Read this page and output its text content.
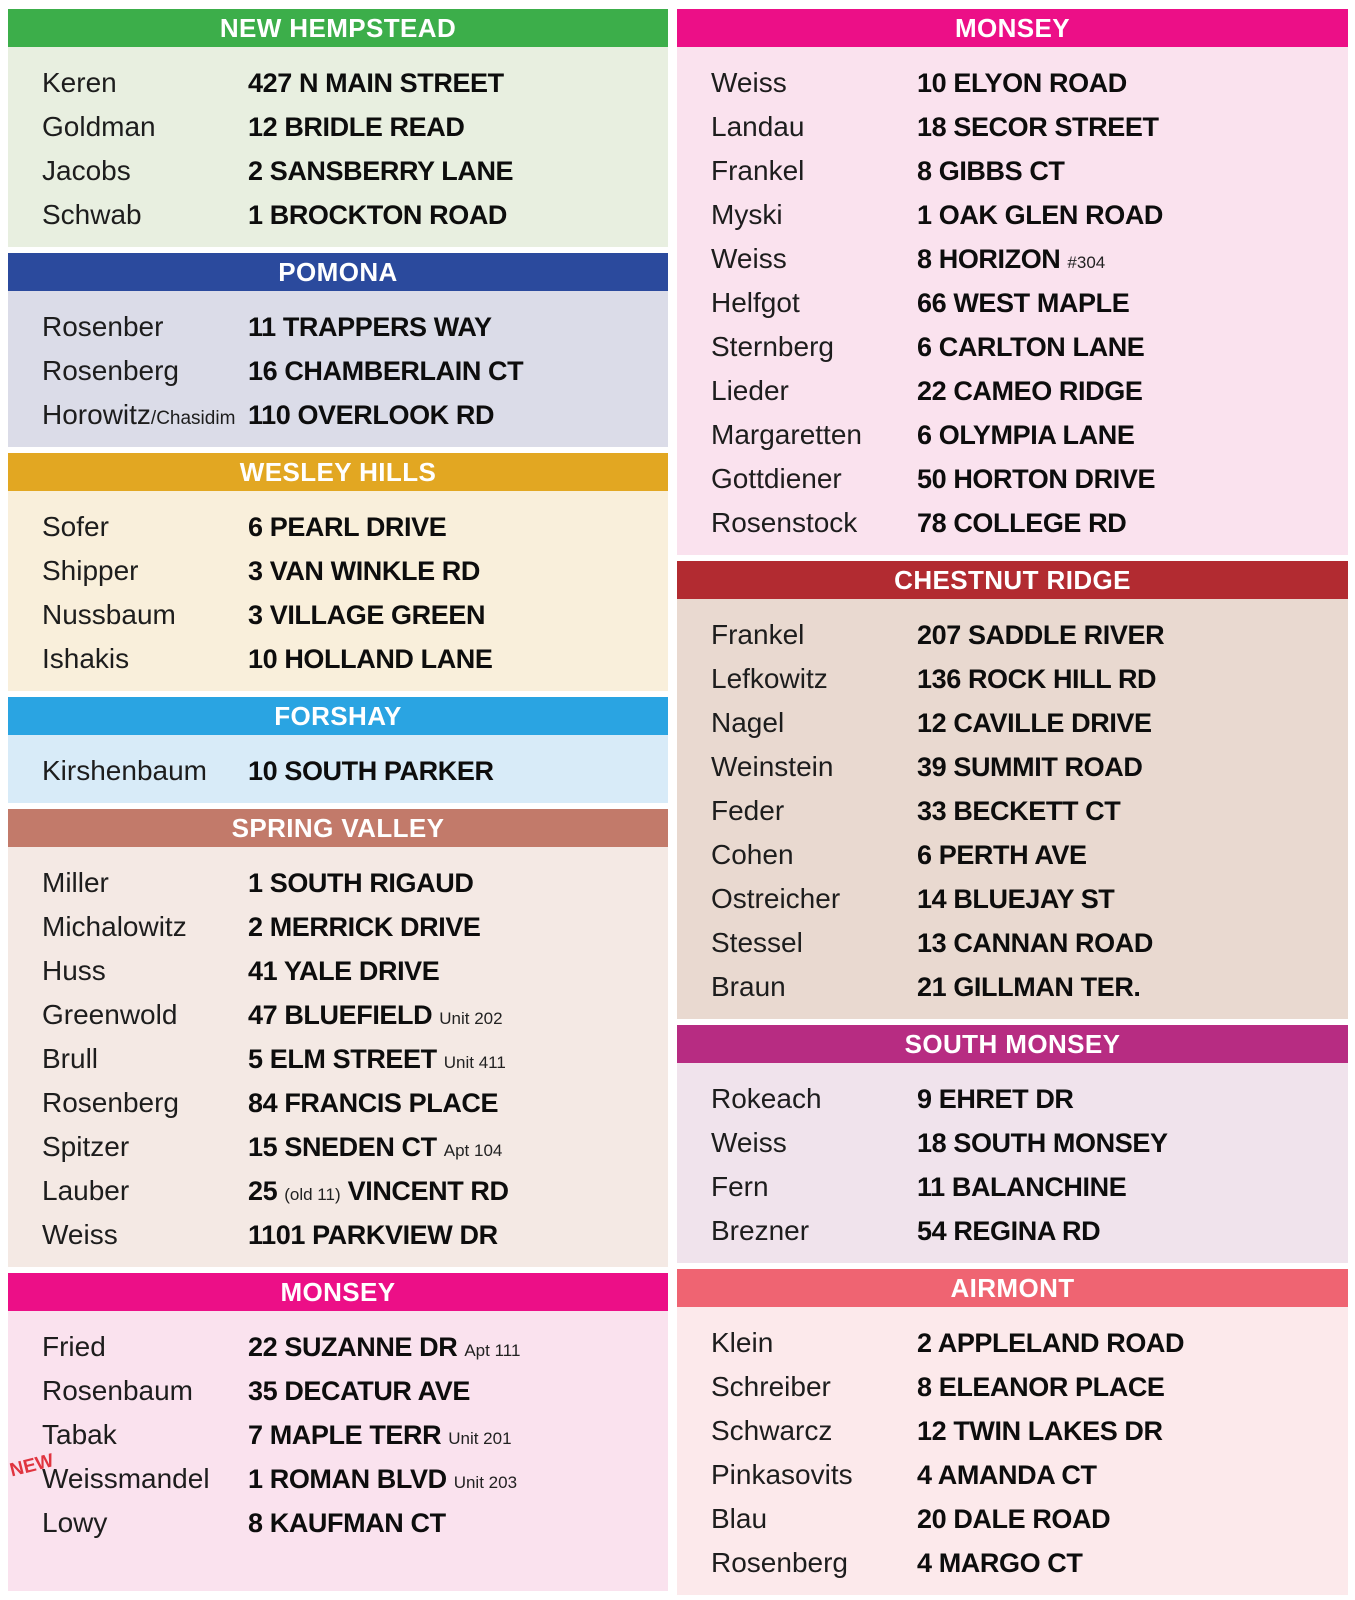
NEW HEMPSTEAD
Keren	427 N MAIN STREET
Goldman	12 BRIDLE READ
Jacobs	2 SANSBERRY LANE
Schwab	1 BROCKTON ROAD
POMONA
Rosenber	11 TRAPPERS WAY
Rosenberg	16 CHAMBERLAIN CT
Horowitz/Chasidim 110 OVERLOOK RD
WESLEY HILLS
Sofer	6 PEARL DRIVE
Shipper	3 VAN WINKLE RD
Nussbaum	3 VILLAGE GREEN
Ishakis	10 HOLLAND LANE
FORSHAY
Kirshenbaum	10 SOUTH PARKER
SPRING VALLEY
Miller	1 SOUTH RIGAUD
Michalowitz	2 MERRICK DRIVE
Huss	41 YALE DRIVE
Greenwold	47 BLUEFIELD Unit 202
Brull	5 ELM STREET Unit 411
Rosenberg	84 FRANCIS PLACE
Spitzer	15 SNEDEN CT Apt 104
Lauber	25 (old 11) VINCENT RD
Weiss	1101 PARKVIEW DR
MONSEY
Fried	22 SUZANNE DR Apt 111
Rosenbaum	35 DECATUR AVE
Tabak	7 MAPLE TERR Unit 201
NEW
Weissmandel	1 ROMAN BLVD Unit 203
Lowy	8 KAUFMAN CT
MONSEY
Weiss	10 ELYON ROAD
Landau	18 SECOR STREET
Frankel	8 GIBBS CT
Myski	1 OAK GLEN ROAD
Weiss	8 HORIZON #304
Helfgot	66 WEST MAPLE
Sternberg	6 CARLTON LANE
Lieder	22 CAMEO RIDGE
Margaretten	6 OLYMPIA LANE
Gottdiener	50 HORTON DRIVE
Rosenstock	78 COLLEGE RD
CHESTNUT RIDGE
Frankel	207 SADDLE RIVER
Lefkowitz	136 ROCK HILL RD
Nagel	12 CAVILLE DRIVE
Weinstein	39 SUMMIT ROAD
Feder	33 BECKETT CT
Cohen	6 PERTH AVE
Ostreicher	14 BLUEJAY ST
Stessel	13 CANNAN ROAD
Braun	21 GILLMAN TER.
SOUTH MONSEY
Rokeach	9 EHRET DR
Weiss	18 SOUTH MONSEY
Fern	11 BALANCHINE
Brezner	54 REGINA RD
AIRMONT
Klein	2 APPLELAND ROAD
Schreiber	8 ELEANOR PLACE
Schwarcz	12 TWIN LAKES DR
Pinkasovits	4 AMANDA CT
Blau	20 DALE ROAD
Rosenberg	4 MARGO CT
